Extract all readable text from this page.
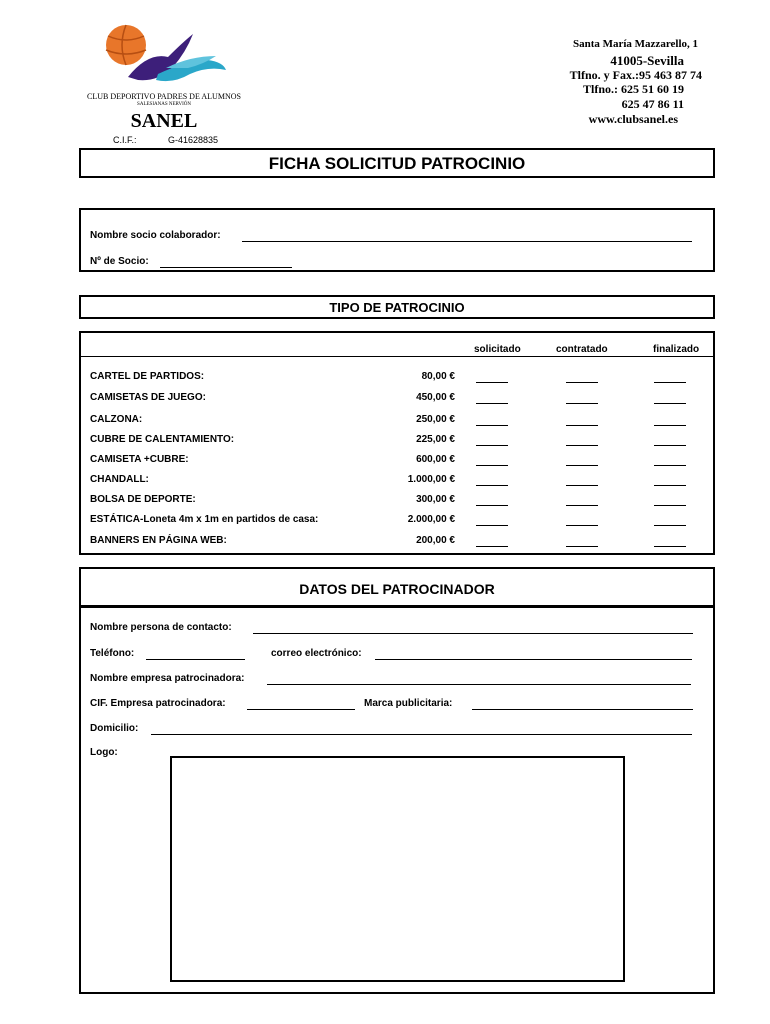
CLUB DEPORTIVO PADRES DE ALUMNOS
SALESIANAS NERVIÓN
SANEL
C.I.F.:	G-41628835
Santa María Mazzarello, 1
41005-Sevilla
Tlfno. y Fax.:95 463 87 74
Tlfno.: 625 51 60 19
625 47 86 11
www.clubsanel.es
FICHA SOLICITUD PATROCINIO
Nombre socio colaborador:
Nº de Socio:
TIPO DE PATROCINIO
solicitado	contratado	finalizado
CARTEL DE PARTIDOS:	80,00 €
CAMISETAS DE JUEGO:	450,00 €
CALZONA:	250,00 €
CUBRE DE CALENTAMIENTO:	225,00 €
CAMISETA +CUBRE:	600,00 €
CHANDALL:	1.000,00 €
BOLSA DE DEPORTE:	300,00 €
ESTÁTICA-Loneta 4m x 1m en partidos de casa:	2.000,00 €
BANNERS EN PÁGINA WEB:	200,00 €
DATOS DEL PATROCINADOR
Nombre persona de contacto:
Teléfono:	correo electrónico:
Nombre empresa patrocinadora:
CIF. Empresa patrocinadora:	Marca publicitaria:
Domicilio:
Logo:
